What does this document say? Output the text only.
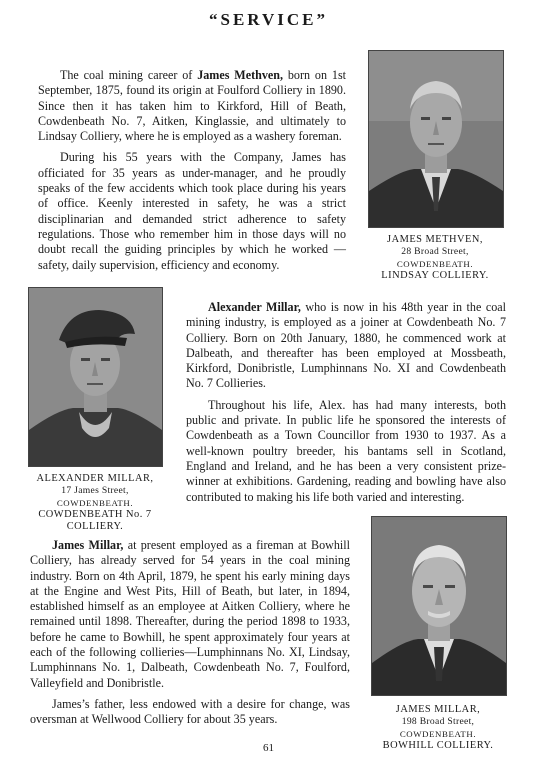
“SERVICE”

The coal mining career of James Methven, born on 1st September, 1875, found its origin at Foulford Colliery in 1890. Since then it has taken him to Kirkford, Hill of Beath, Cowdenbeath No. 7, Aitken, Kinglassie, and ultimately to Lindsay Colliery, where he is employed as a washery foreman.

During his 55 years with the Company, James has officiated for 35 years as under-manager, and he proudly speaks of the few accidents which took place during his years of office. Keenly interested in safety, he was a strict disciplinarian and demanded strict adherence to safety regulations. Those who remember him in those days will no doubt recall the guiding principles by which he worked —safety, daily supervision, efficiency and economy.

JAMES METHVEN,
28 Broad Street,
COWDENBEATH.
LINDSAY COLLIERY.
ALEXANDER MILLAR,
17 James Street,
COWDENBEATH.
COWDENBEATH No. 7 COLLIERY.

Alexander Millar, who is now in his 48th year in the coal mining industry, is employed as a joiner at Cowdenbeath No. 7 Colliery. Born on 20th January, 1880, he commenced work at Dalbeath, and thereafter has been employed at Mossbeath, Kirkford, Donibristle, Lumphinnans No. XI and Cowdenbeath No. 7 Collieries.

Throughout his life, Alex. has had many interests, both public and private. In public life he sponsored the interests of Cowdenbeath as a Town Councillor from 1930 to 1937. As a well-known poultry breeder, his bantams sell in Scotland, England and Ireland, and he has been a very consistent prize-winner at exhibitions. Gardening, reading and bowling have also contributed to making his life both varied and interesting.

James Millar, at present employed as a fireman at Bowhill Colliery, has already served for 54 years in the coal mining industry. Born on 4th April, 1879, he spent his early mining days at the Engine and West Pits, Hill of Beath, but later, in 1894, established himself as an employee at Aitken Colliery, where he remained until 1898. Thereafter, during the period 1898 to 1933, before he came to Bowhill, he spent approximately four years at each of the following collieries—Lumphinnans No. XI, Lindsay, Lumphinnans No. 1, Dalbeath, Cowdenbeath No. 7, Foulford, Valleyfield and Donibristle.

James’s father, less endowed with a desire for change, was oversman at Wellwood Colliery for about 35 years.

JAMES MILLAR,
198 Broad Street,
COWDENBEATH.
BOWHILL COLLIERY.
61
